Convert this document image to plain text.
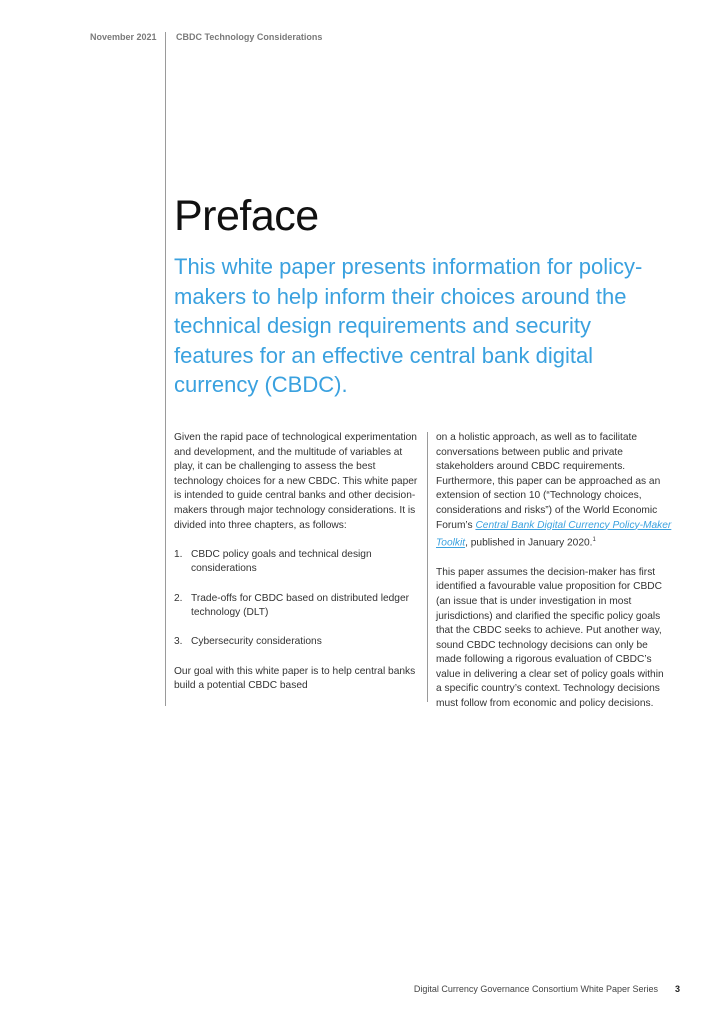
November 2021 CBDC Technology Considerations
Preface

This white paper presents information for policy-makers to help inform their choices around the technical design requirements and security features for an effective central bank digital currency (CBDC).

Given the rapid pace of technological experimentation and development, and the multitude of variables at play, it can be challenging to assess the best technology choices for a new CBDC. This white paper is intended to guide central banks and other decision-makers through major technology considerations. It is divided into three chapters, as follows:

1. CBDC policy goals and technical design considerations
2. Trade-offs for CBDC based on distributed ledger technology (DLT)
3. Cybersecurity considerations

Our goal with this white paper is to help central banks build a potential CBDC based

on a holistic approach, as well as to facilitate conversations between public and private stakeholders around CBDC requirements. Furthermore, this paper can be approached as an extension of section 10 (“Technology choices, considerations and risks”) of the World Economic Forum’s Central Bank Digital Currency Policy-Maker Toolkit, published in January 2020.$^1$

This paper assumes the decision-maker has first identified a favourable value proposition for CBDC (an issue that is under investigation in most jurisdictions) and clarified the specific policy goals that the CBDC seeks to achieve. Put another way, sound CBDC technology decisions can only be made following a rigorous evaluation of CBDC’s value in delivering a clear set of policy goals within a specific country’s context. Technology decisions must follow from economic and policy decisions.

Digital Currency Governance Consortium White Paper Series 3
